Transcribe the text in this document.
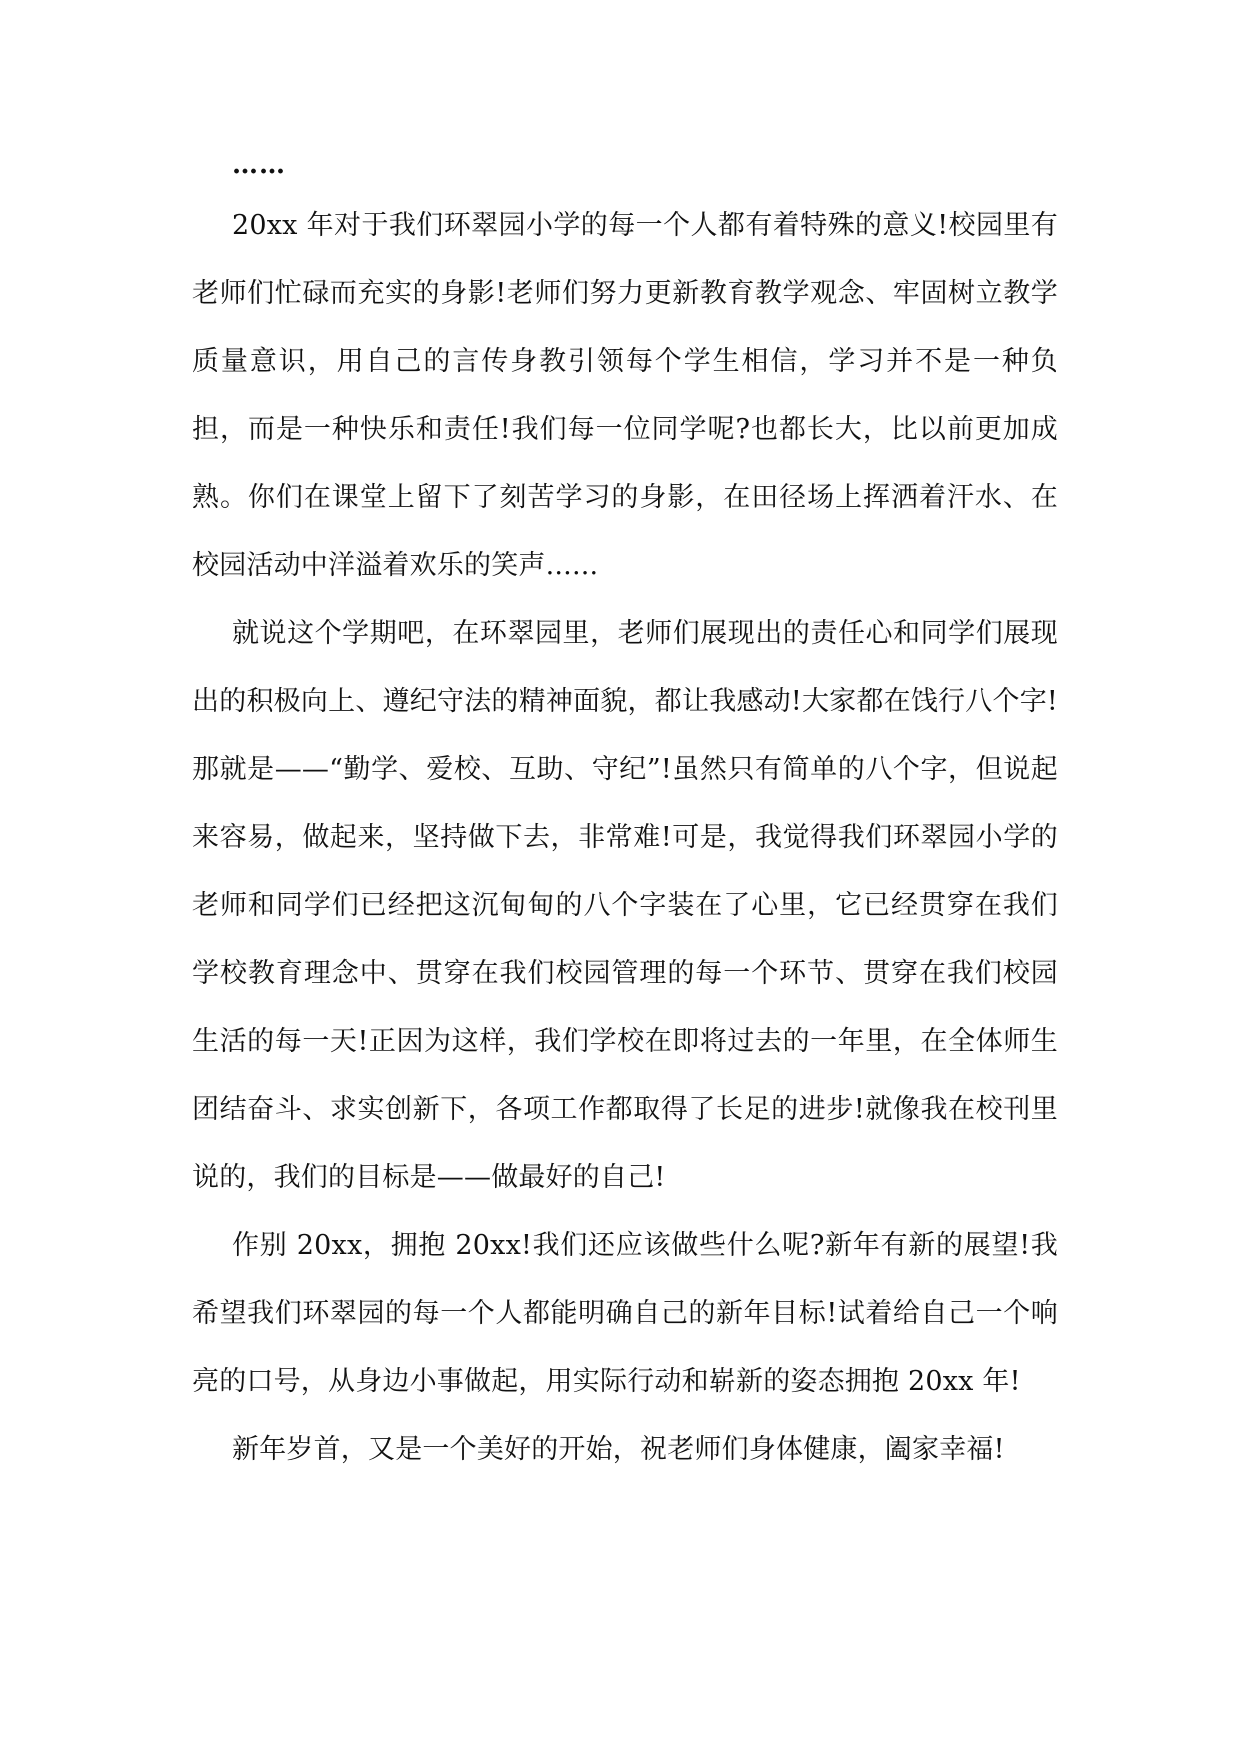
……

20xx 年对于我们环翠园小学的每一个人都有着特殊的意义!校园里有老师们忙碌而充实的身影!老师们努力更新教育教学观念、牢固树立教学质量意识，用自己的言传身教引领每个学生相信，学习并不是一种负担，而是一种快乐和责任!我们每一位同学呢?也都长大，比以前更加成熟。你们在课堂上留下了刻苦学习的身影，在田径场上挥洒着汗水、在校园活动中洋溢着欢乐的笑声......

就说这个学期吧，在环翠园里，老师们展现出的责任心和同学们展现出的积极向上、遵纪守法的精神面貌，都让我感动!大家都在饯行八个字!那就是——“勤学、爱校、互助、守纪”!虽然只有简单的八个字，但说起来容易，做起来，坚持做下去，非常难!可是，我觉得我们环翠园小学的老师和同学们已经把这沉甸甸的八个字装在了心里，它已经贯穿在我们学校教育理念中、贯穿在我们校园管理的每一个环节、贯穿在我们校园生活的每一天!正因为这样，我们学校在即将过去的一年里，在全体师生团结奋斗、求实创新下，各项工作都取得了长足的进步!就像我在校刊里说的，我们的目标是——做最好的自己!

作别 20xx，拥抱 20xx!我们还应该做些什么呢?新年有新的展望!我希望我们环翠园的每一个人都能明确自己的新年目标!试着给自己一个响亮的口号，从身边小事做起，用实际行动和崭新的姿态拥抱 20xx 年!

新年岁首，又是一个美好的开始，祝老师们身体健康，阖家幸福!
